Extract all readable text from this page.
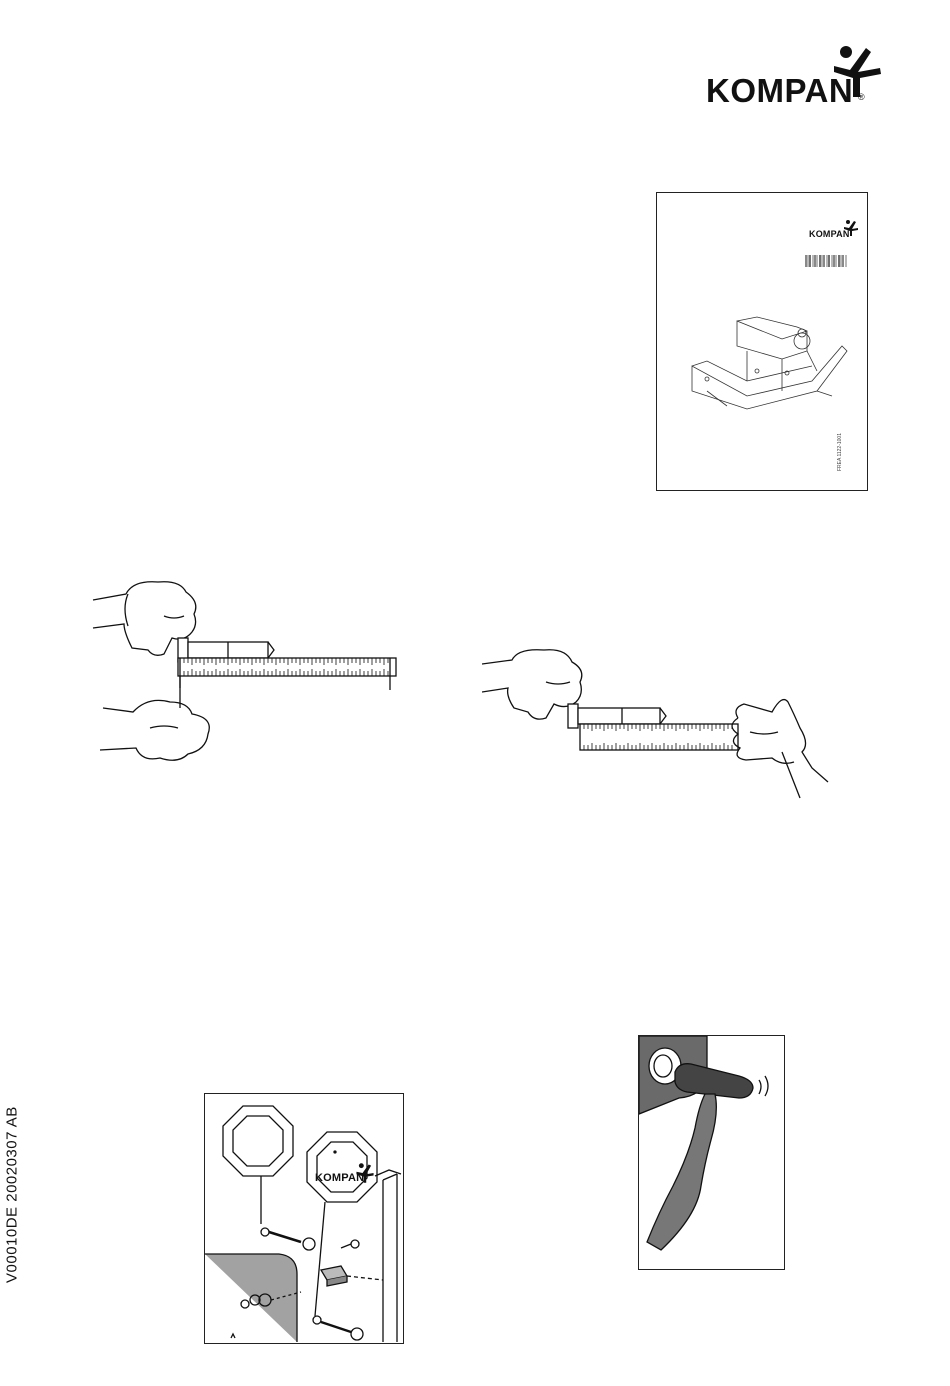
KOMPAN ®
KOMPAN
FREA 1122-1001
V00010DE 20020307 AB	KOMPAN
